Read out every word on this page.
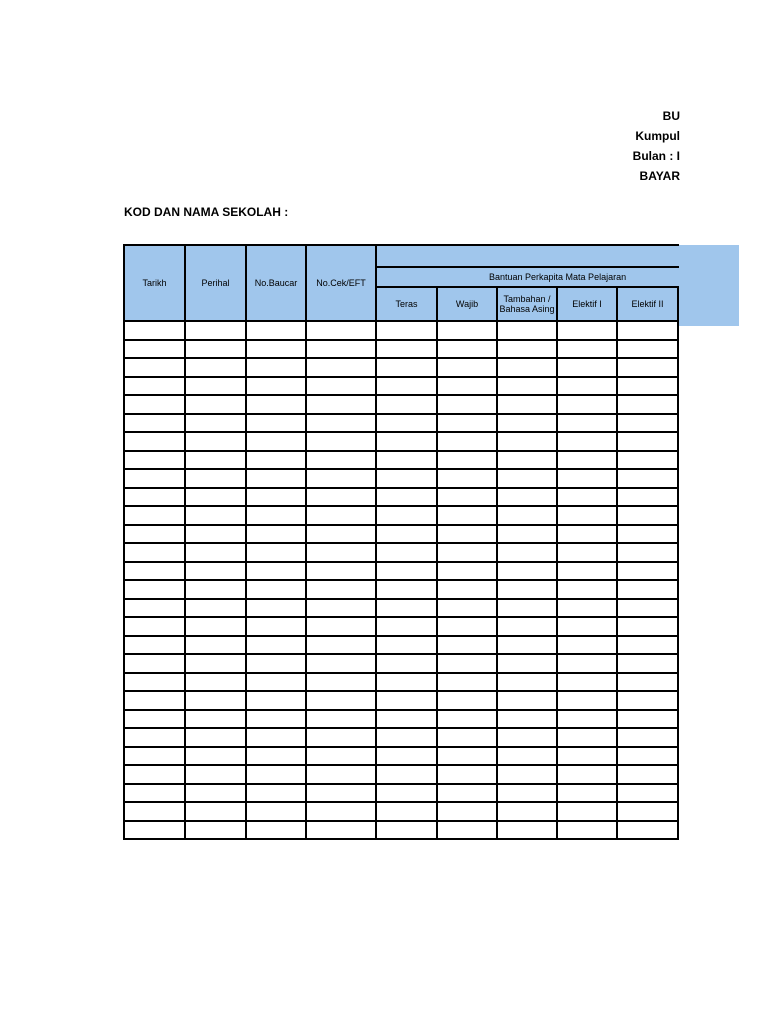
BU
Kumpul
Bulan : I
BAYAR
KOD DAN NAMA SEKOLAH :
Tarikh	Perihal	No.Baucar	No.Cek/EFT						
				Bantuan Perkapita Mata Pelajaran					
				Teras	Wajib	Tambahan / Bahasa Asing	Elektif I	Elektif II	
